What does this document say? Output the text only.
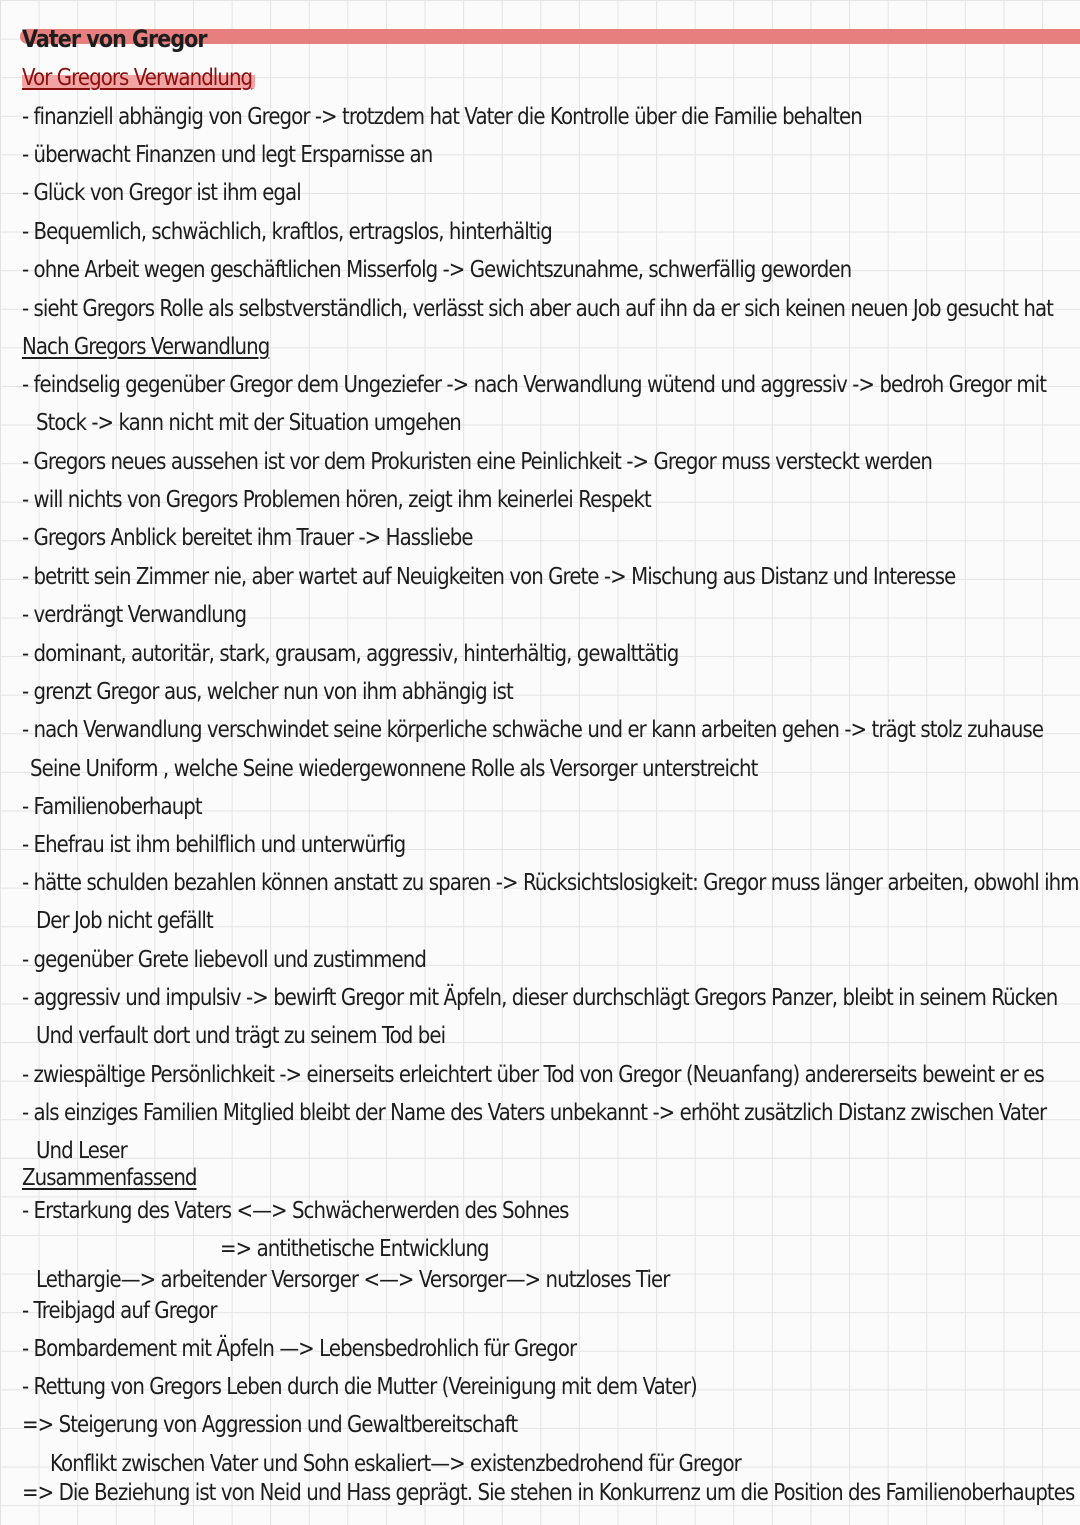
Vater von Gregor
Vor Gregors Verwandlung
- finanziell abhängig von Gregor -> trotzdem hat Vater die Kontrolle über die Familie behalten
- überwacht Finanzen und legt Ersparnisse an
- Glück von Gregor ist ihm egal
- Bequemlich, schwächlich, kraftlos, ertragslos, hinterhältig
- ohne Arbeit wegen geschäftlichen Misserfolg -> Gewichtszunahme, schwerfällig geworden
- sieht Gregors Rolle als selbstverständlich, verlässt sich aber auch auf ihn da er sich keinen neuen Job gesucht hat
Nach Gregors Verwandlung
- feindselig gegenüber Gregor dem Ungeziefer -> nach Verwandlung wütend und aggressiv -> bedroh Gregor mit
Stock -> kann nicht mit der Situation umgehen
- Gregors neues aussehen ist vor dem Prokuristen eine Peinlichkeit -> Gregor muss versteckt werden
- will nichts von Gregors Problemen hören, zeigt ihm keinerlei Respekt
- Gregors Anblick bereitet ihm Trauer -> Hassliebe
- betritt sein Zimmer nie, aber wartet auf Neuigkeiten von Grete -> Mischung aus Distanz und Interesse
- verdrängt Verwandlung
- dominant, autoritär, stark, grausam, aggressiv, hinterhältig, gewalttätig
- grenzt Gregor aus, welcher nun von ihm abhängig ist
- nach Verwandlung verschwindet seine körperliche schwäche und er kann arbeiten gehen -> trägt stolz zuhause
Seine Uniform , welche Seine wiedergewonnene Rolle als Versorger unterstreicht
- Familienoberhaupt
- Ehefrau ist ihm behilflich und unterwürfig
- hätte schulden bezahlen können anstatt zu sparen -> Rücksichtslosigkeit: Gregor muss länger arbeiten, obwohl ihm
Der Job nicht gefällt
- gegenüber Grete liebevoll und zustimmend
- aggressiv und impulsiv -> bewirft Gregor mit Äpfeln, dieser durchschlägt Gregors Panzer, bleibt in seinem Rücken
Und verfault dort und trägt zu seinem Tod bei
- zwiespältige Persönlichkeit -> einerseits erleichtert über Tod von Gregor (Neuanfang) andererseits beweint er es
- als einziges Familien Mitglied bleibt der Name des Vaters unbekannt -> erhöht zusätzlich Distanz zwischen Vater
Und Leser
Zusammenfassend
- Erstarkung des Vaters <—> Schwächerwerden des Sohnes
=> antithetische Entwicklung
Lethargie—> arbeitender Versorger <—> Versorger—> nutzloses Tier
- Treibjagd auf Gregor
- Bombardement mit Äpfeln —> Lebensbedrohlich für Gregor
- Rettung von Gregors Leben durch die Mutter (Vereinigung mit dem Vater)
=> Steigerung von Aggression und Gewaltbereitschaft
Konflikt zwischen Vater und Sohn eskaliert—> existenzbedrohend für Gregor
=> Die Beziehung ist von Neid und Hass geprägt. Sie stehen in Konkurrenz um die Position des Familienoberhauptes
